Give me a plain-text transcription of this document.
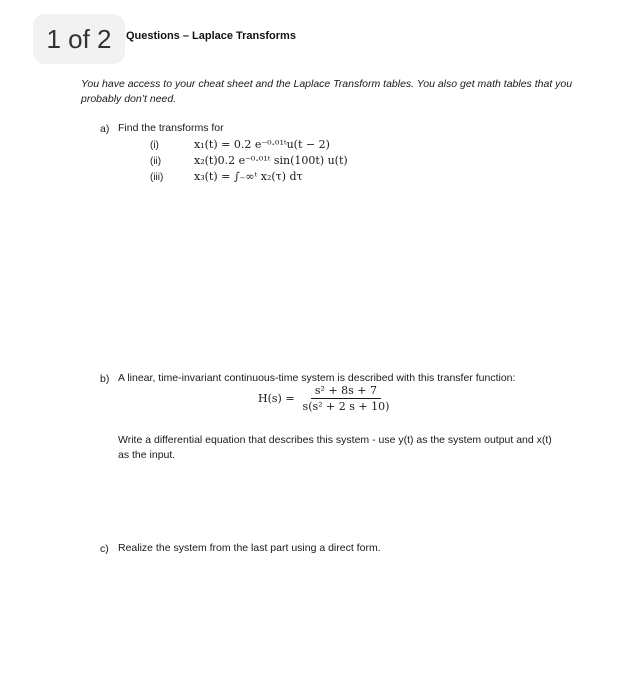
1 of 2 Questions – Laplace Transforms
You have access to your cheat sheet and the Laplace Transform tables. You also get math tables that you probably don’t need.
a) Find the transforms for
(i)	x₁(t) = 0.2 e⁻⁰·⁰¹ᵗu(t − 2)
(ii)	x₂(t)0.2 e⁻⁰·⁰¹ᵗ sin(100t) u(t)
(iii)	x₃(t) = ∫₋∞ᵗ x₂(τ) dτ
b) A linear, time-invariant continuous-time system is described with this transfer function:
$H(s) = \frac{\text{s² + 8s + 7}}{\text{s(s² + 2 s + 10)}}$
Write a differential equation that describes this system - use y(t) as the system output and x(t) as the input.
c) Realize the system from the last part using a direct form.
